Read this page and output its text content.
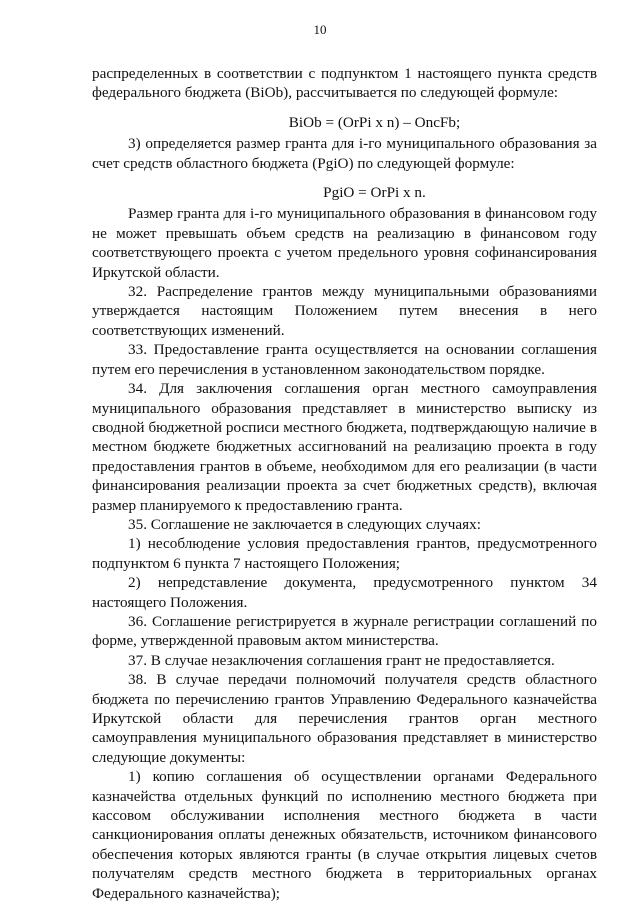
10

распределенных в соответствии с подпунктом 1 настоящего пункта средств федерального бюджета (BiOb), рассчитывается по следующей формуле:

BiOb = (OrPi x n) – OncFb;

3) определяется размер гранта для i-го муниципального образования за счет средств областного бюджета (PgiO) по следующей формуле:

PgiO = OrPi x n.

Размер гранта для i-го муниципального образования в финансовом году не может превышать объем средств на реализацию в финансовом году соответствующего проекта с учетом предельного уровня софинансирования Иркутской области.

32. Распределение грантов между муниципальными образованиями утверждается настоящим Положением путем внесения в него соответствующих изменений.

33. Предоставление гранта осуществляется на основании соглашения путем его перечисления в установленном законодательством порядке.

34. Для заключения соглашения орган местного самоуправления муниципального образования представляет в министерство выписку из сводной бюджетной росписи местного бюджета, подтверждающую наличие в местном бюджете бюджетных ассигнований на реализацию проекта в году предоставления грантов в объеме, необходимом для его реализации (в части финансирования реализации проекта за счет бюджетных средств), включая размер планируемого к предоставлению гранта.

35. Соглашение не заключается в следующих случаях:

1) несоблюдение условия предоставления грантов, предусмотренного подпунктом 6 пункта 7 настоящего Положения;

2) непредставление документа, предусмотренного пунктом 34 настоящего Положения.

36. Соглашение регистрируется в журнале регистрации соглашений по форме, утвержденной правовым актом министерства.

37. В случае незаключения соглашения грант не предоставляется.

38. В случае передачи полномочий получателя средств областного бюджета по перечислению грантов Управлению Федерального казначейства Иркутской области для перечисления грантов орган местного самоуправления муниципального образования представляет в министерство следующие документы:

1) копию соглашения об осуществлении органами Федерального казначейства отдельных функций по исполнению местного бюджета при кассовом обслуживании исполнения местного бюджета в части санкционирования оплаты денежных обязательств, источником финансового обеспечения которых являются гранты (в случае открытия лицевых счетов получателям средств местного бюджета в территориальных органах Федерального казначейства);
